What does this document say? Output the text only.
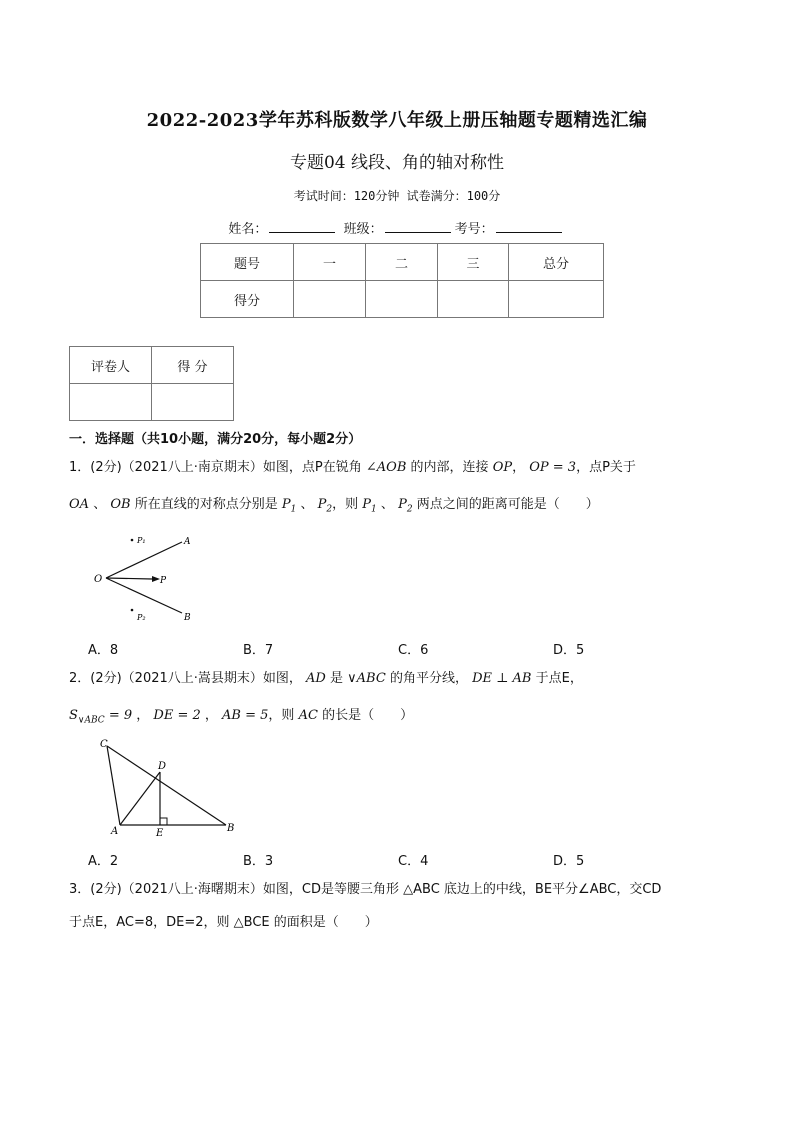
2022-2023学年苏科版数学八年级上册压轴题专题精选汇编
专题04 线段、角的轴对称性
考试时间：120分钟 试卷满分：100分
姓名：	班级：	考号：
题号	一	二	三	总分
得分				
评卷人	得 分

一．选择题（共10小题，满分20分，每小题2分）
1．(2分)（2021八上·南京期末）如图，点P在锐角 ∠AOB 的内部，连接 OP， OP = 3，点P关于
OA 、 OB 所在直线的对称点分别是 $P_1$ 、 $P_2$，则 $P_1$ 、 $P_2$ 两点之间的距离可能是（　　）
O
A
B
P
P₁
P₂
A．8	B．7	C．6	D．5
2．(2分)（2021八上·嵩县期末）如图， AD 是 ∨ABC 的角平分线， DE ⊥ AB 于点E，
$S_{\vee ABC} = 9$ ， DE = 2 ， AB = 5，则 AC 的长是（　　）
C
A	B
D
E
A．2	B．3	C．4	D．5
3．(2分)（2021八上·海曙期末）如图，CD是等腰三角形 △ABC 底边上的中线，BE平分∠ABC，交CD
于点E，AC=8，DE=2，则 △BCE 的面积是（　　）
